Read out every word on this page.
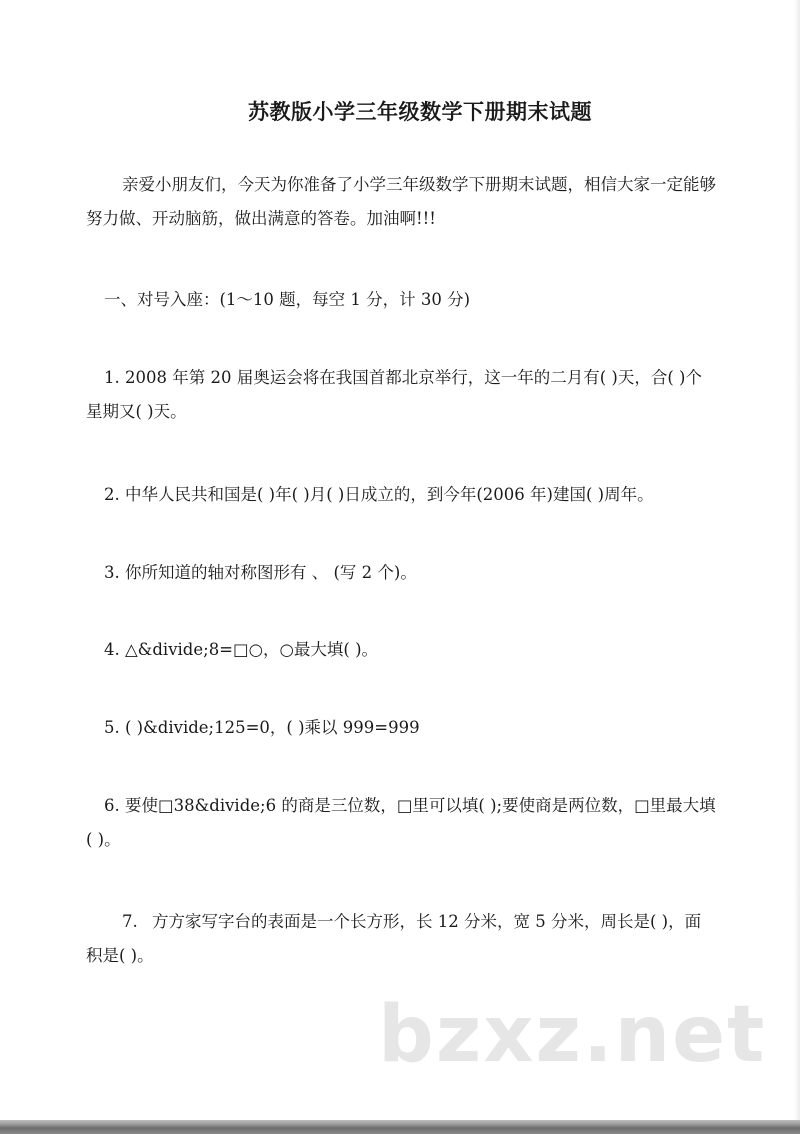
苏教版小学三年级数学下册期末试题
亲爱小朋友们，今天为你准备了小学三年级数学下册期末试题，相信大家一定能够努力做、开动脑筋，做出满意的答卷。加油啊!!!
一、对号入座：(1～10 题，每空 1 分，计 30 分)
1. 2008 年第 20 届奥运会将在我国首都北京举行，这一年的二月有( )天，合( )个星期又( )天。
2. 中华人民共和国是( )年( )月( )日成立的，到今年(2006 年)建国( )周年。
3. 你所知道的轴对称图形有 、 (写 2 个)。
4. △&divide;8=□○，○最大填( )。
5. ( )&divide;125=0，( )乘以 999=999
6. 要使□38&divide;6 的商是三位数，□里可以填( );要使商是两位数，□里最大填( )。
7. 方方家写字台的表面是一个长方形，长 12 分米，宽 5 分米，周长是( )，面积是( )。
bzxz.net
